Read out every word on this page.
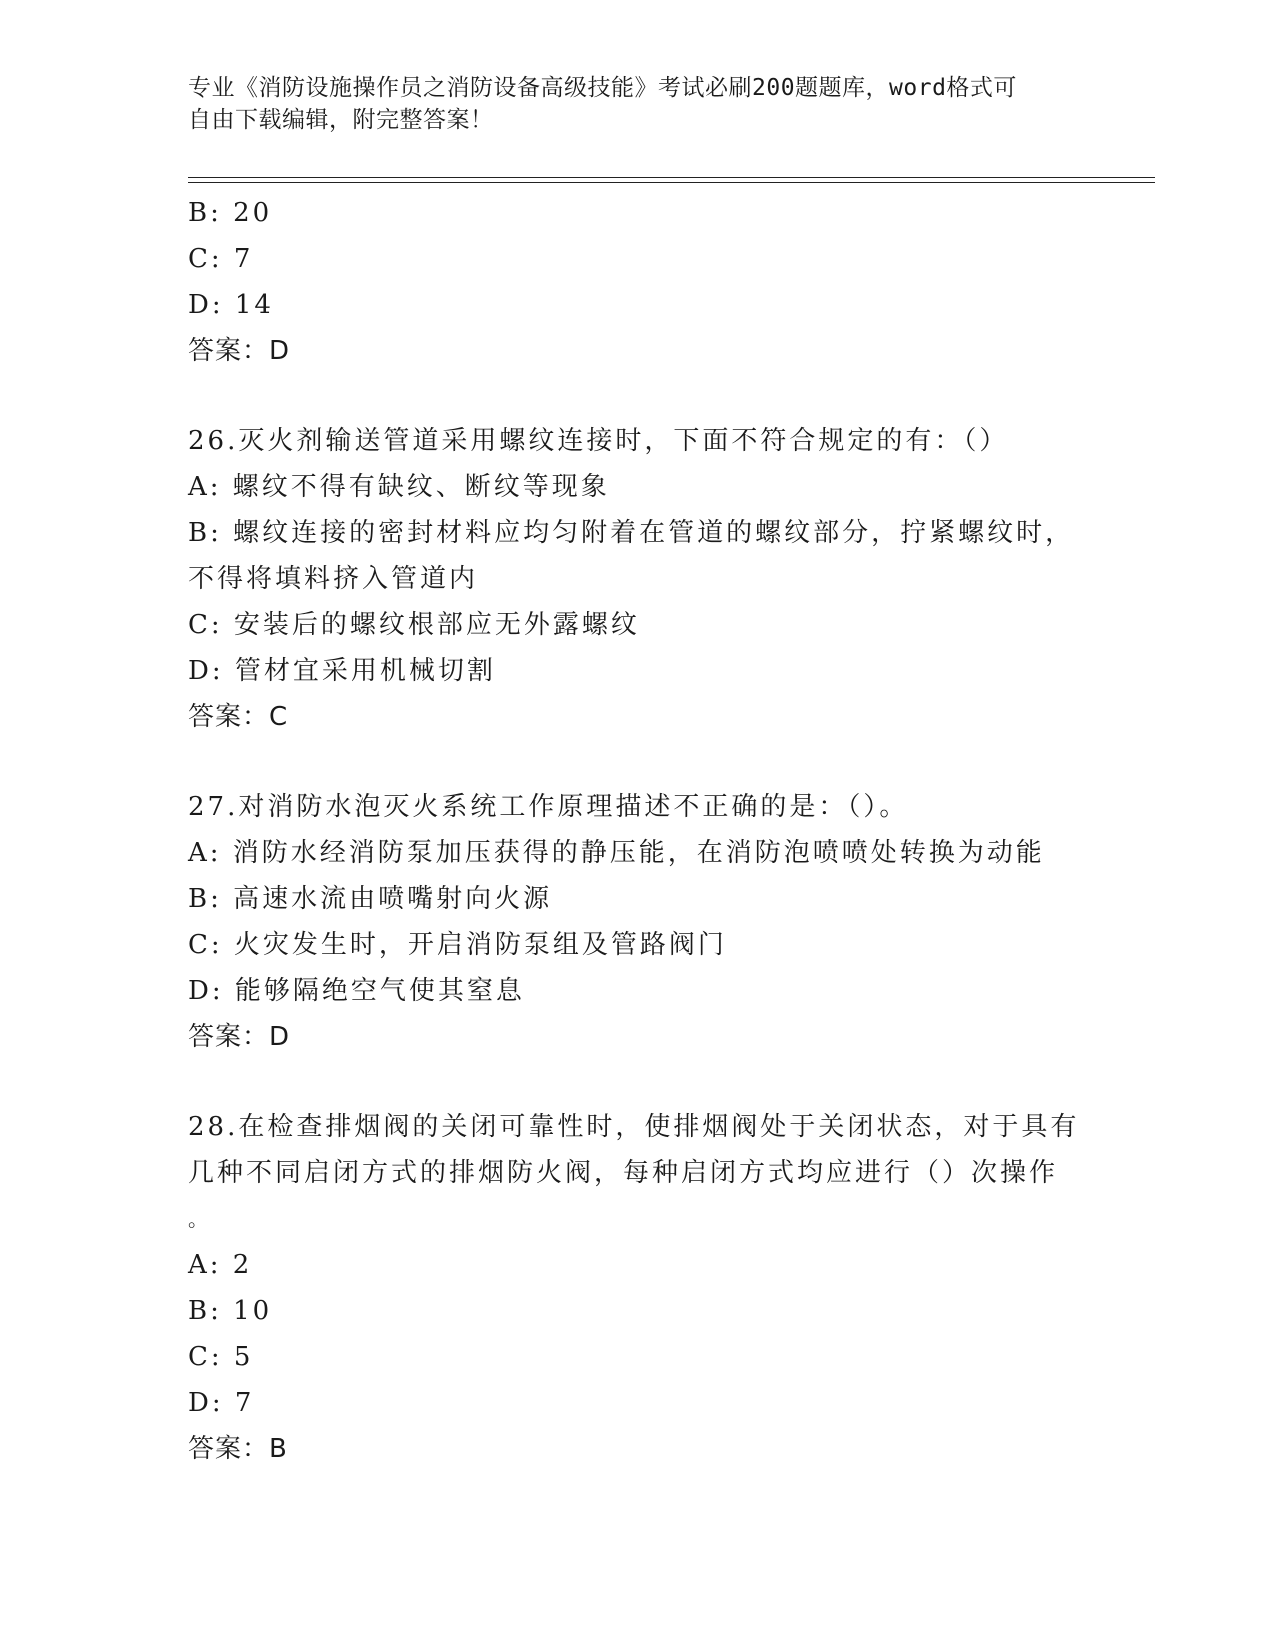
专业《消防设施操作员之消防设备高级技能》考试必刷200题题库，word格式可
自由下载编辑，附完整答案！
B: 20
C: 7
D: 14
答案：D
26.灭火剂输送管道采用螺纹连接时，下面不符合规定的有：（）
A: 螺纹不得有缺纹、断纹等现象
B: 螺纹连接的密封材料应均匀附着在管道的螺纹部分，拧紧螺纹时，
不得将填料挤入管道内
C: 安装后的螺纹根部应无外露螺纹
D: 管材宜采用机械切割
答案：C
27.对消防水泡灭火系统工作原理描述不正确的是：（）。
A: 消防水经消防泵加压获得的静压能，在消防泡喷喷处转换为动能
B: 高速水流由喷嘴射向火源
C: 火灾发生时，开启消防泵组及管路阀门
D: 能够隔绝空气使其窒息
答案：D
28.在检查排烟阀的关闭可靠性时，使排烟阀处于关闭状态，对于具有
几种不同启闭方式的排烟防火阀，每种启闭方式均应进行（）次操作
。
A: 2
B: 10
C: 5
D: 7
答案：B
